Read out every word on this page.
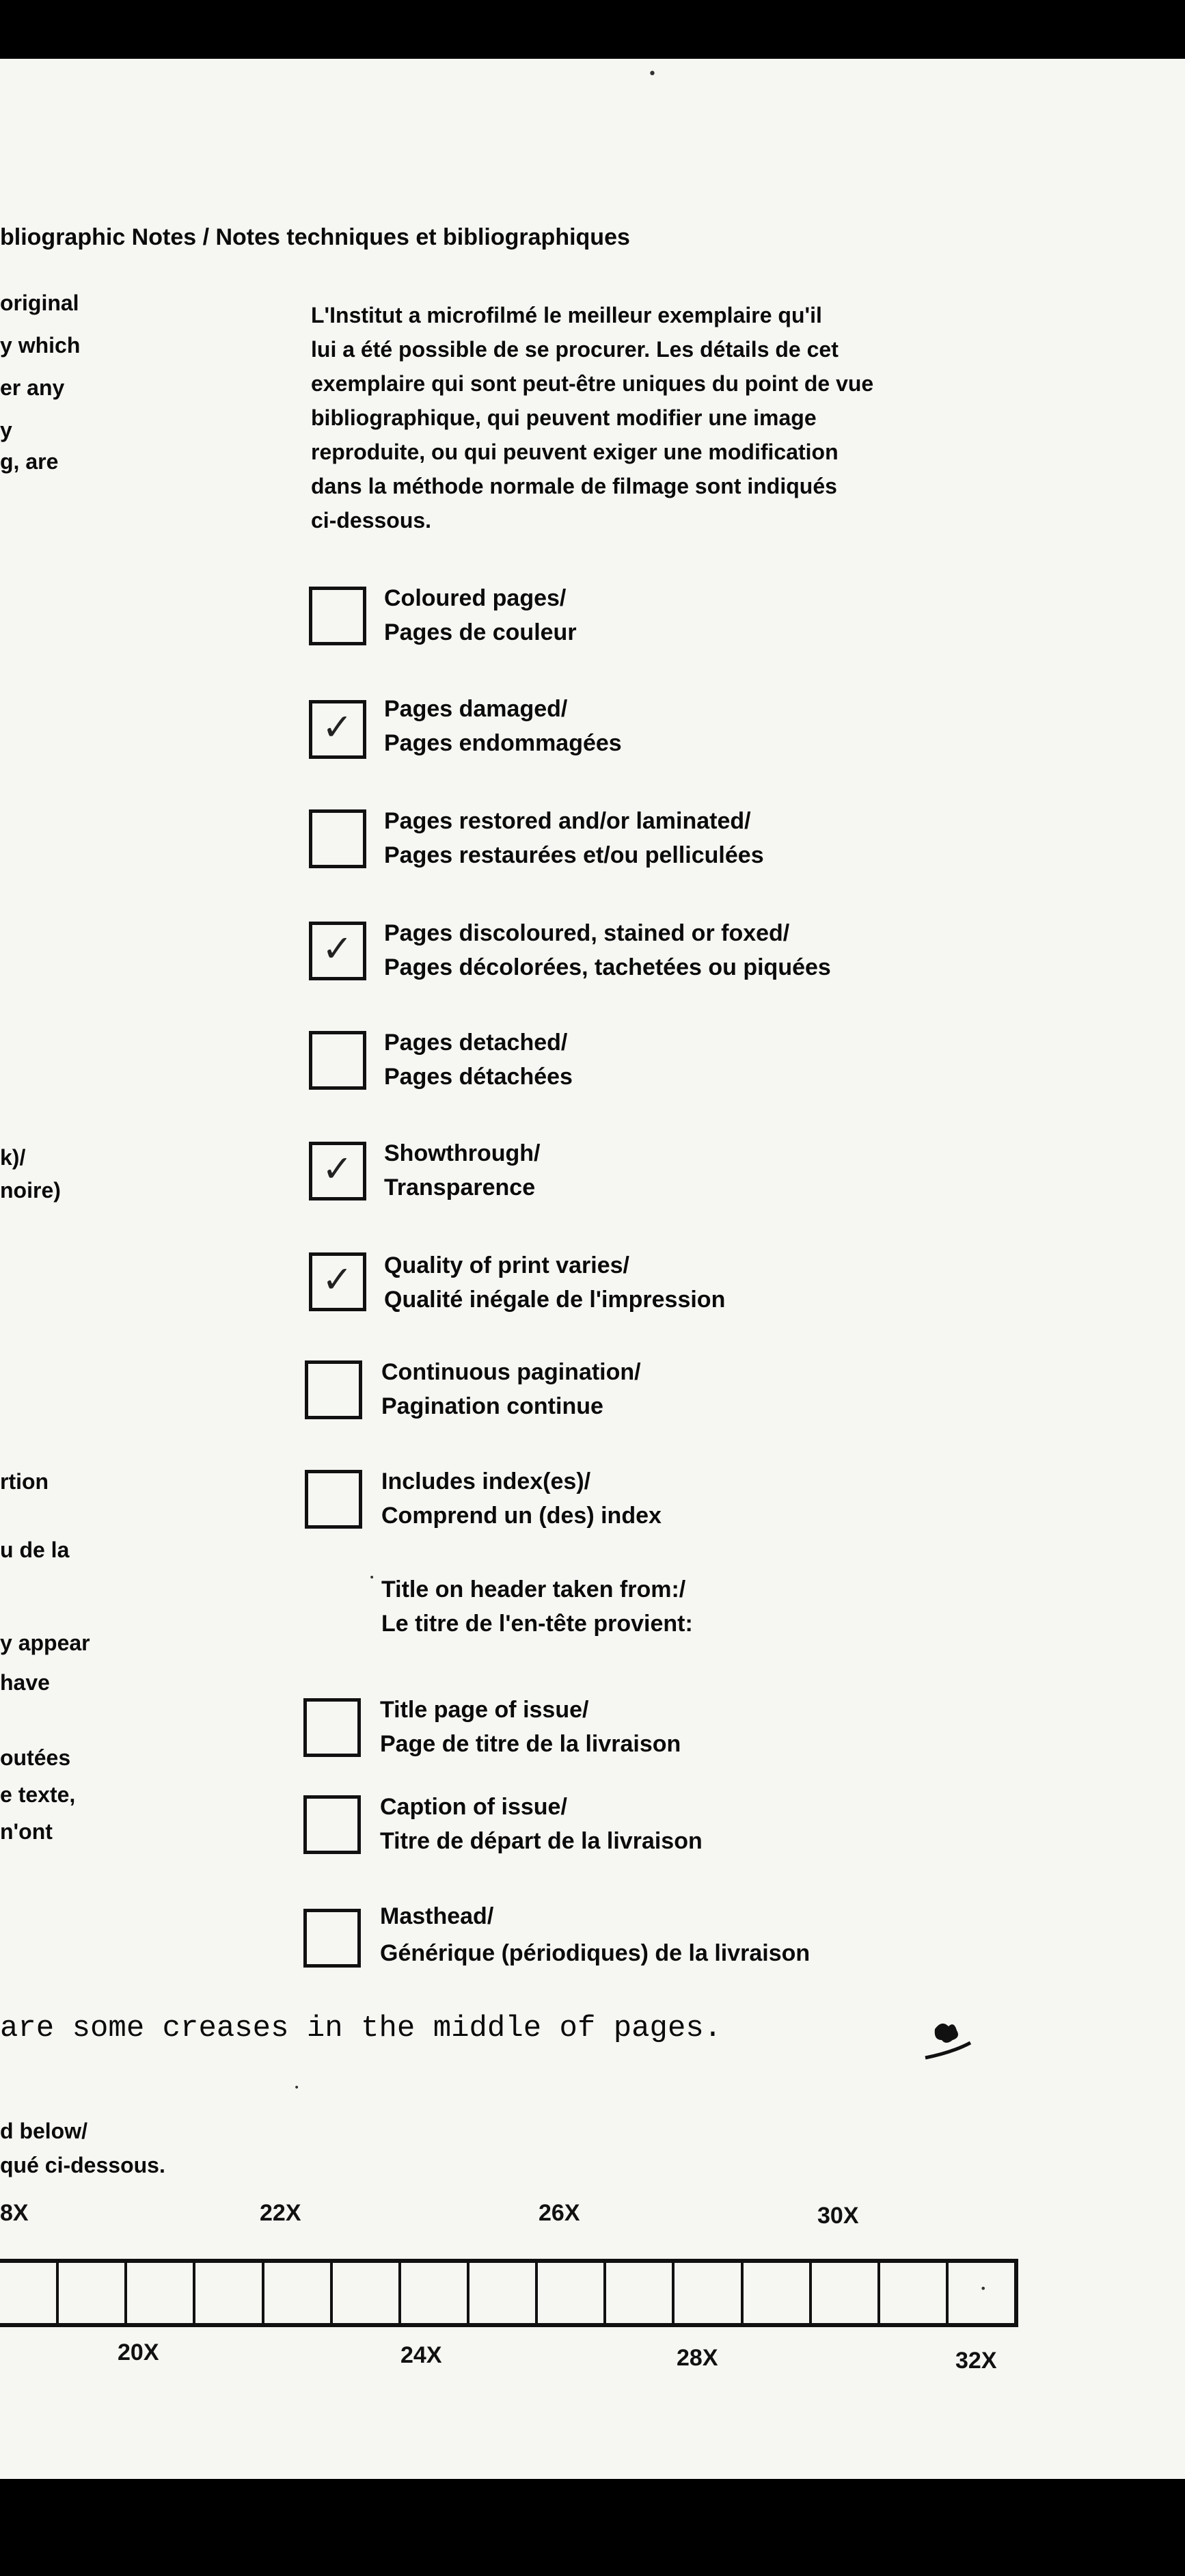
bliographic Notes / Notes techniques et bibliographiques
original
y which
er any
y
g, are
k)/
noire)
rtion
u de la
y appear
have
outées
e texte,
n'ont
L'Institut a microfilmé le meilleur exemplaire qu'il
lui a été possible de se procurer. Les détails de cet
exemplaire qui sont peut-être uniques du point de vue
bibliographique, qui peuvent modifier une image
reproduite, ou qui peuvent exiger une modification
dans la méthode normale de filmage sont indiqués
ci-dessous.
Coloured pages/
Pages de couleur
✓ Pages damaged/
Pages endommagées
Pages restored and/or laminated/
Pages restaurées et/ou pelliculées
✓ Pages discoloured, stained or foxed/
Pages décolorées, tachetées ou piquées
Pages detached/
Pages détachées
✓ Showthrough/
Transparence
✓ Quality of print varies/
Qualité inégale de l'impression
Continuous pagination/
Pagination continue
Includes index(es)/
Comprend un (des) index
Title on header taken from:/
Le titre de l'en-tête provient:
Title page of issue/
Page de titre de la livraison
Caption of issue/
Titre de départ de la livraison
Masthead/
Générique (périodiques) de la livraison
are some creases in the middle of pages.
d below/
qué ci-dessous.
8X	22X	26X	30X
20X	24X	28X	32X
•
•
•
•
